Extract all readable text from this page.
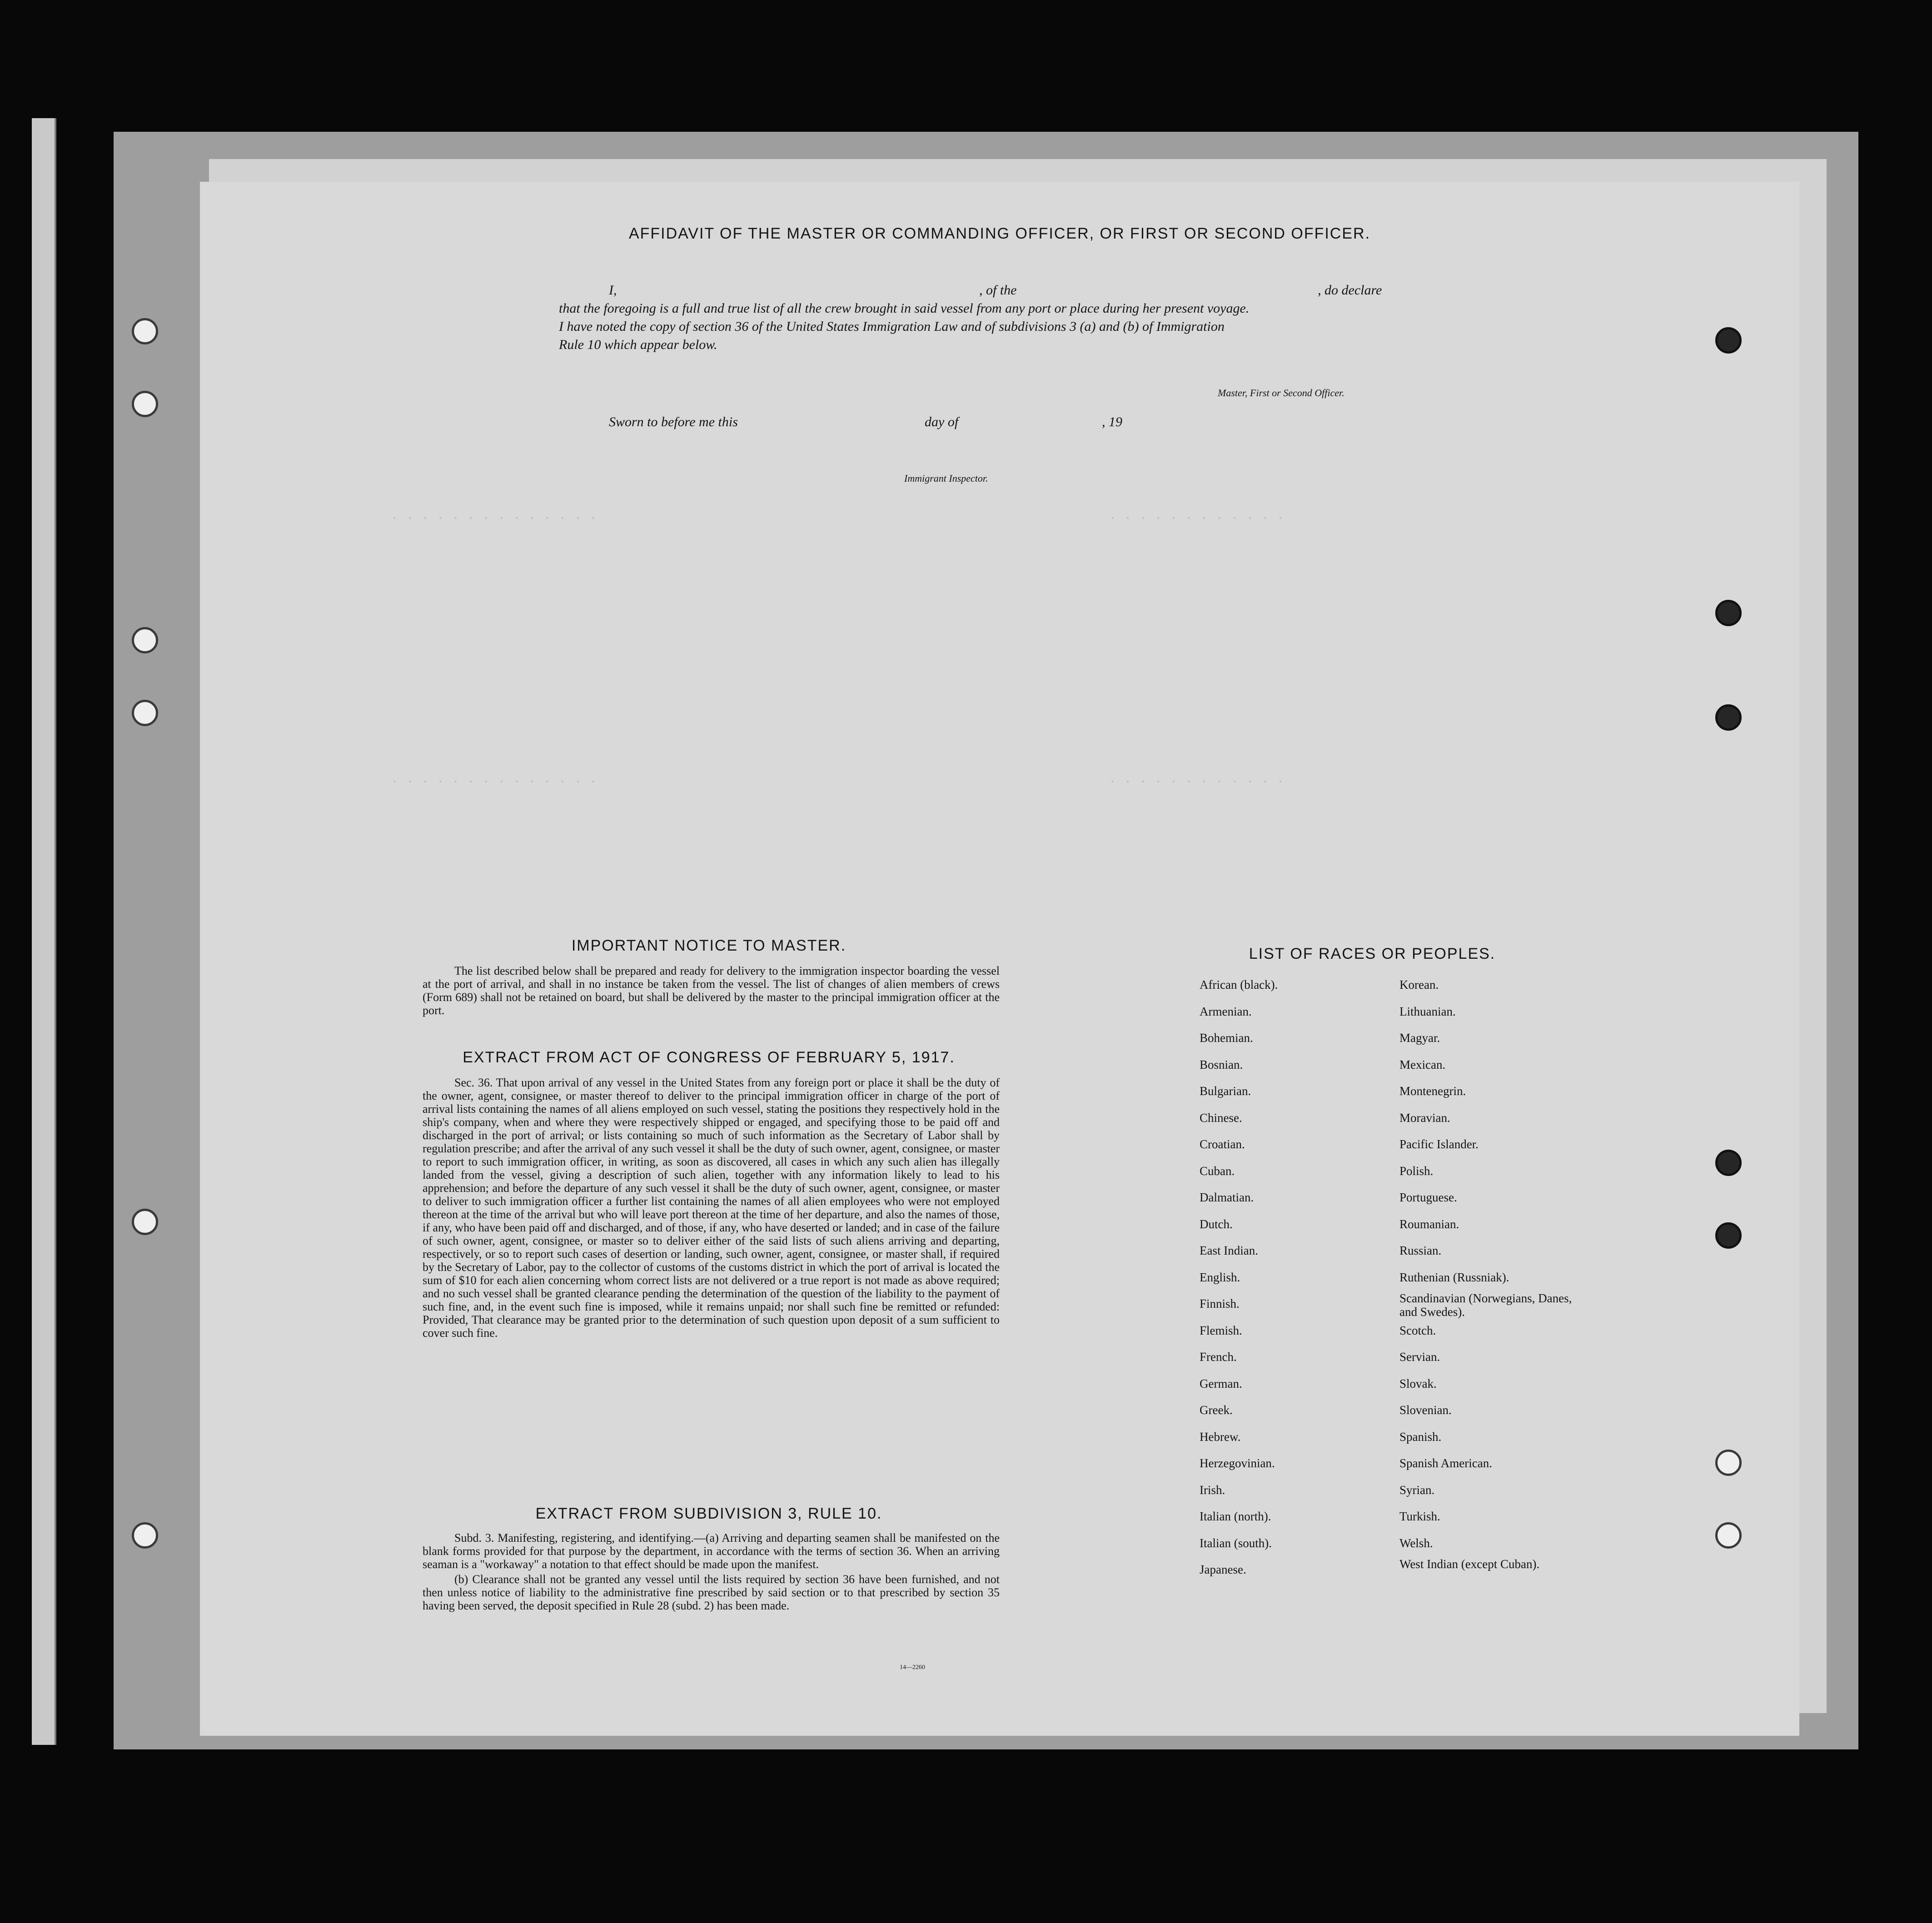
. . . . . . . . . . . . . .
. . . . . . . . . . . . . .
. . . . . . . . . . . .
. . . . . . . . . . . .
AFFIDAVIT OF THE MASTER OR COMMANDING OFFICER, OR FIRST OR SECOND OFFICER.
I,	, of the	, do declare
that the foregoing is a full and true list of all the crew brought in said vessel from any port or place during her present voyage.
I have noted the copy of section 36 of the United States Immigration Law and of subdivisions 3 (a) and (b) of Immigration
Rule 10 which appear below.
Master, First or Second Officer.
Sworn to before me this	day of	, 19
Immigrant Inspector.
IMPORTANT NOTICE TO MASTER.

The list described below shall be prepared and ready for delivery to the immigration inspector boarding the vessel at the port of arrival, and shall in no instance be taken from the vessel. The list of changes of alien members of crews (Form 689) shall not be retained on board, but shall be delivered by the master to the principal immigration officer at the port.

EXTRACT FROM ACT OF CONGRESS OF FEBRUARY 5, 1917.

Sec. 36. That upon arrival of any vessel in the United States from any foreign port or place it shall be the duty of the owner, agent, consignee, or master thereof to deliver to the principal immigration officer in charge of the port of arrival lists containing the names of all aliens employed on such vessel, stating the positions they respectively hold in the ship's company, when and where they were respectively shipped or engaged, and specifying those to be paid off and discharged in the port of arrival; or lists containing so much of such information as the Secretary of Labor shall by regulation prescribe; and after the arrival of any such vessel it shall be the duty of such owner, agent, consignee, or master to report to such immigration officer, in writing, as soon as discovered, all cases in which any such alien has illegally landed from the vessel, giving a description of such alien, together with any information likely to lead to his apprehension; and before the departure of any such vessel it shall be the duty of such owner, agent, consignee, or master to deliver to such immigration officer a further list containing the names of all alien employees who were not employed thereon at the time of the arrival but who will leave port thereon at the time of her departure, and also the names of those, if any, who have been paid off and discharged, and of those, if any, who have deserted or landed; and in case of the failure of such owner, agent, consignee, or master so to deliver either of the said lists of such aliens arriving and departing, respectively, or so to report such cases of desertion or landing, such owner, agent, consignee, or master shall, if required by the Secretary of Labor, pay to the collector of customs of the customs district in which the port of arrival is located the sum of $10 for each alien concerning whom correct lists are not delivered or a true report is not made as above required; and no such vessel shall be granted clearance pending the determination of the question of the liability to the payment of such fine, and, in the event such fine is imposed, while it remains unpaid; nor shall such fine be remitted or refunded: Provided, That clearance may be granted prior to the determination of such question upon deposit of a sum sufficient to cover such fine.

EXTRACT FROM SUBDIVISION 3, RULE 10.

Subd. 3. Manifesting, registering, and identifying.—(a) Arriving and departing seamen shall be manifested on the blank forms provided for that purpose by the department, in accordance with the terms of section 36. When an arriving seaman is a "workaway" a notation to that effect should be made upon the manifest.

(b) Clearance shall not be granted any vessel until the lists required by section 36 have been furnished, and not then unless notice of liability to the administrative fine prescribed by said section or to that prescribed by section 35 having been served, the deposit specified in Rule 28 (subd. 2) has been made.

14—2260
LIST OF RACES OR PEOPLES.
African (black).
Armenian.
Bohemian.
Bosnian.
Bulgarian.
Chinese.
Croatian.
Cuban.
Dalmatian.
Dutch.
East Indian.
English.
Finnish.
Flemish.
French.
German.
Greek.
Hebrew.
Herzegovinian.
Irish.
Italian (north).
Italian (south).
Japanese.
Korean.
Lithuanian.
Magyar.
Mexican.
Montenegrin.
Moravian.
Pacific Islander.
Polish.
Portuguese.
Roumanian.
Russian.
Ruthenian (Russniak).
Scandinavian (Norwegians, Danes, and Swedes).
Scotch.
Servian.
Slovak.
Slovenian.
Spanish.
Spanish American.
Syrian.
Turkish.
Welsh.
West Indian (except Cuban).
